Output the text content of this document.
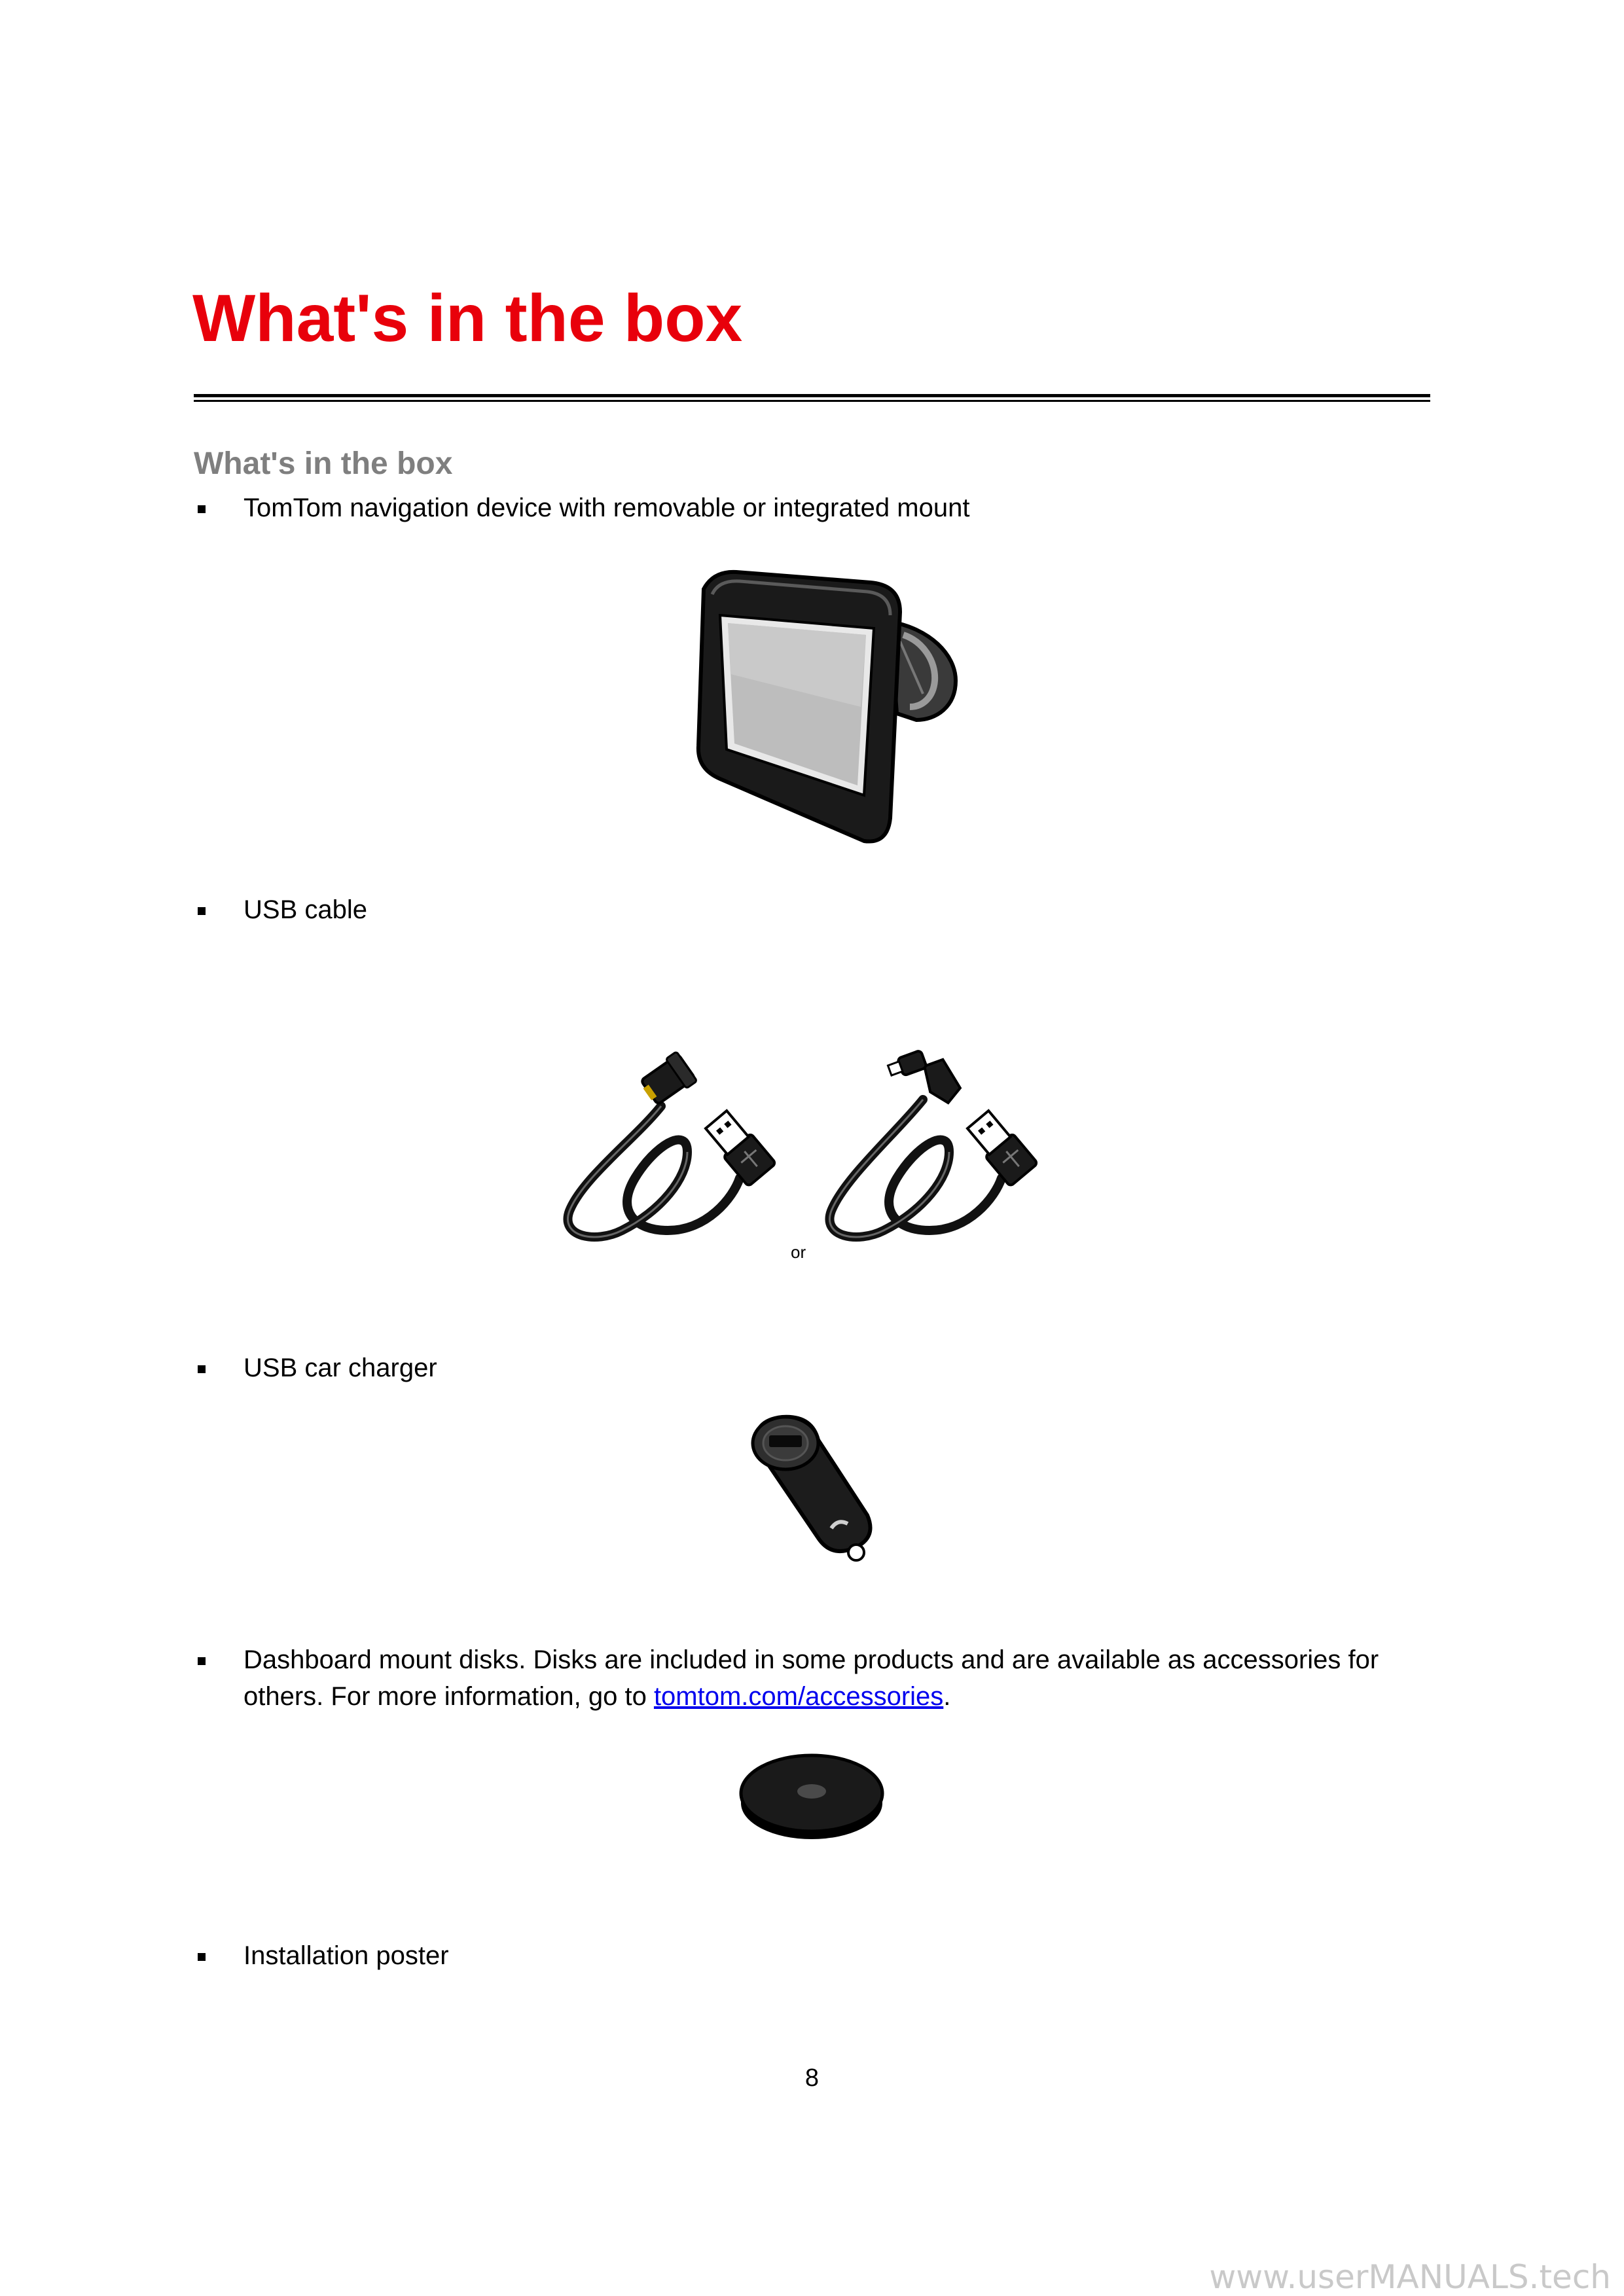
What's in the box
What's in the box
TomTom navigation device with removable or integrated mount
USB cable
or
USB car charger
Dashboard mount disks. Disks are included in some products and are available as accessories for others. For more information, go to tomtom.com/accessories.
Installation poster
8
www.userMANUALS.tech
